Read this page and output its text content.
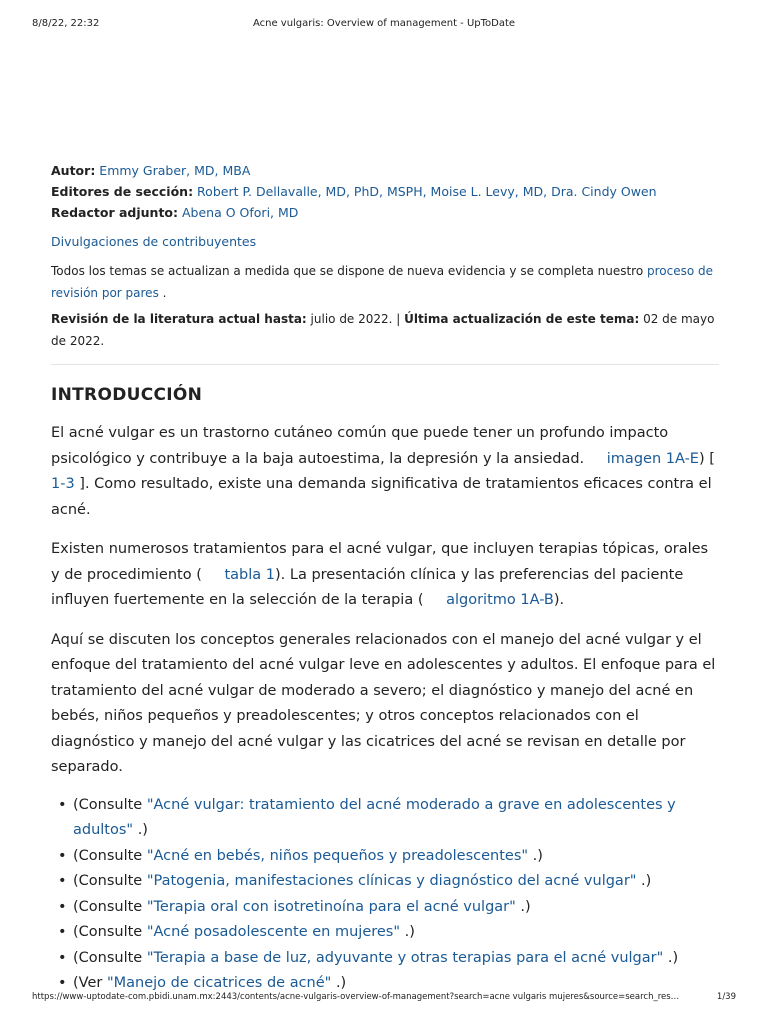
8/8/22, 22:32	Acne vulgaris: Overview of management - UpToDate
Autor: Emmy Graber, MD, MBA
Editores de sección: Robert P. Dellavalle, MD, PhD, MSPH, Moise L. Levy, MD, Dra. Cindy Owen
Redactor adjunto: Abena O Ofori, MD
Divulgaciones de contribuyentes
Todos los temas se actualizan a medida que se dispone de nueva evidencia y se completa nuestro proceso de revisión por pares .
Revisión de la literatura actual hasta: julio de 2022. | Última actualización de este tema: 02 de mayo de 2022.
INTRODUCCIÓN

El acné vulgar es un trastorno cutáneo común que puede tener un profundo impacto psicológico y contribuye a la baja autoestima, la depresión y la ansiedad. imagen 1A-E) [ 1-3 ]. Como resultado, existe una demanda significativa de tratamientos eficaces contra el acné.

Existen numerosos tratamientos para el acné vulgar, que incluyen terapias tópicas, orales y de procedimiento ( tabla 1). La presentación clínica y las preferencias del paciente influyen fuertemente en la selección de la terapia ( algoritmo 1A-B).

Aquí se discuten los conceptos generales relacionados con el manejo del acné vulgar y el enfoque del tratamiento del acné vulgar leve en adolescentes y adultos. El enfoque para el tratamiento del acné vulgar de moderado a severo; el diagnóstico y manejo del acné en bebés, niños pequeños y preadolescentes; y otros conceptos relacionados con el diagnóstico y manejo del acné vulgar y las cicatrices del acné se revisan en detalle por separado.

• (Consulte "Acné vulgar: tratamiento del acné moderado a grave en adolescentes y adultos" .)
• (Consulte "Acné en bebés, niños pequeños y preadolescentes" .)
• (Consulte "Patogenia, manifestaciones clínicas y diagnóstico del acné vulgar" .)
• (Consulte "Terapia oral con isotretinoína para el acné vulgar" .)
• (Consulte "Acné posadolescente en mujeres" .)
• (Consulte "Terapia a base de luz, adyuvante y otras terapias para el acné vulgar" .)
• (Ver "Manejo de cicatrices de acné" .)
https://www-uptodate-com.pbidi.unam.mx:2443/contents/acne-vulgaris-overview-of-management?search=acne vulgaris mujeres&source=search_res…	1/39
